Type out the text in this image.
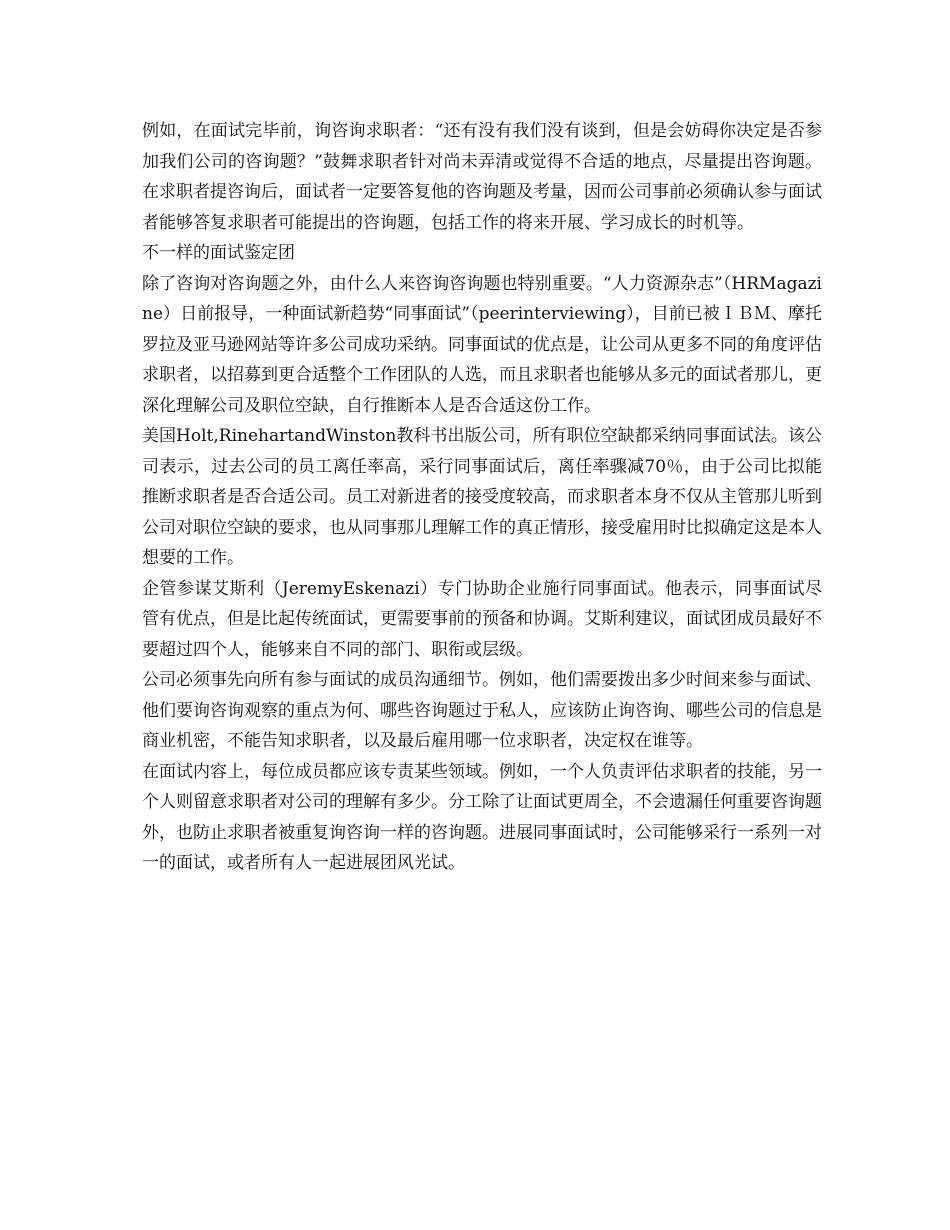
例如，在面试完毕前，询咨询求职者：“还有没有我们没有谈到，但是会妨碍你决定是否参加我们公司的咨询题？”鼓舞求职者针对尚未弄清或觉得不合适的地点，尽量提出咨询题。在求职者提咨询后，面试者一定要答复他的咨询题及考量，因而公司事前必须确认参与面试者能够答复求职者可能提出的咨询题，包括工作的将来开展、学习成长的时机等。

不一样的面试鉴定团

除了咨询对咨询题之外，由什么人来咨询咨询题也特别重要。“人力资源杂志”（HRMagazine）日前报导，一种面试新趋势“同事面试”（peerinterviewing），目前已被ＩＢＭ、摩托罗拉及亚马逊网站等许多公司成功采纳。同事面试的优点是，让公司从更多不同的角度评估求职者，以招募到更合适整个工作团队的人选，而且求职者也能够从多元的面试者那儿，更深化理解公司及职位空缺，自行推断本人是否合适这份工作。

美国Holt,RinehartandWinston教科书出版公司，所有职位空缺都采纳同事面试法。该公司表示，过去公司的员工离任率高，采行同事面试后，离任率骤减70％，由于公司比拟能推断求职者是否合适公司。员工对新进者的接受度较高，而求职者本身不仅从主管那儿听到公司对职位空缺的要求，也从同事那儿理解工作的真正情形，接受雇用时比拟确定这是本人想要的工作。

企管参谋艾斯利（JeremyEskenazi）专门协助企业施行同事面试。他表示，同事面试尽管有优点，但是比起传统面试，更需要事前的预备和协调。艾斯利建议，面试团成员最好不要超过四个人，能够来自不同的部门、职衔或层级。

公司必须事先向所有参与面试的成员沟通细节。例如，他们需要拨出多少时间来参与面试、他们要询咨询观察的重点为何、哪些咨询题过于私人，应该防止询咨询、哪些公司的信息是商业机密，不能告知求职者，以及最后雇用哪一位求职者，决定权在谁等。

在面试内容上，每位成员都应该专责某些领域。例如，一个人负责评估求职者的技能，另一个人则留意求职者对公司的理解有多少。分工除了让面试更周全，不会遗漏任何重要咨询题外，也防止求职者被重复询咨询一样的咨询题。进展同事面试时，公司能够采行一系列一对一的面试，或者所有人一起进展团风光试。
